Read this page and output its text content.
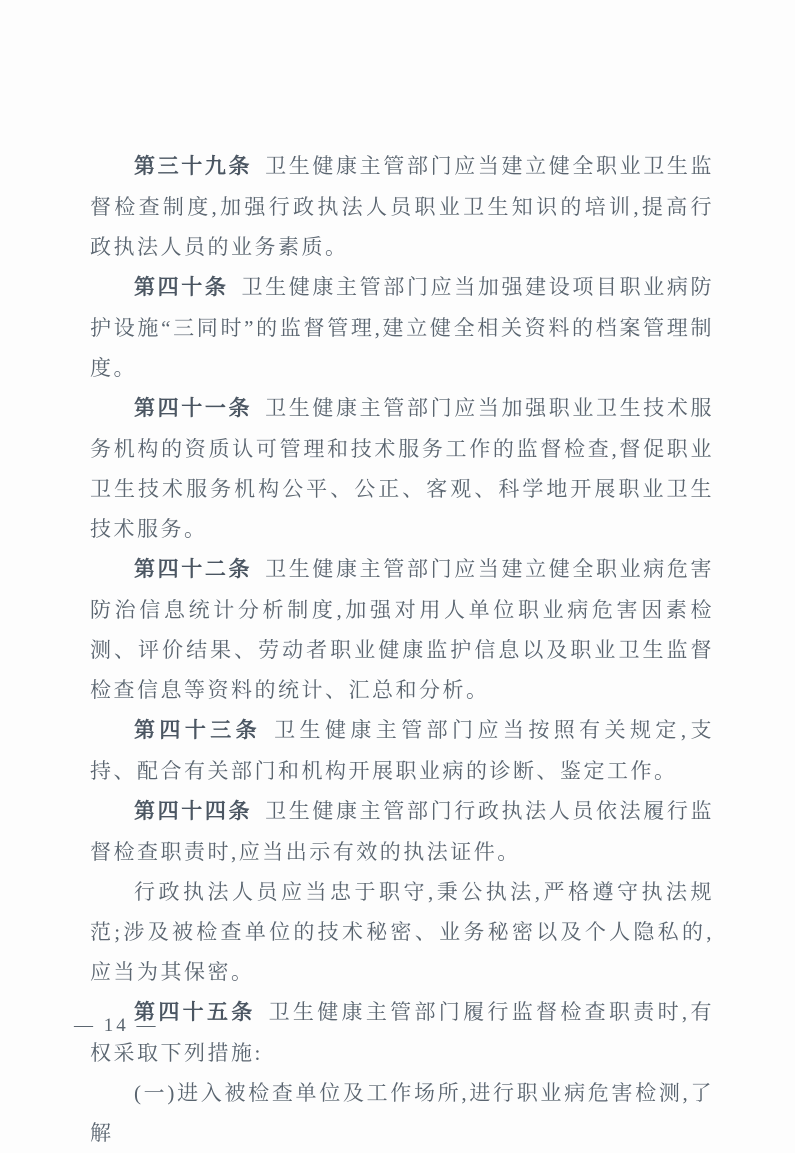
第三十九条 卫生健康主管部门应当建立健全职业卫生监督检查制度,加强行政执法人员职业卫生知识的培训,提高行政执法人员的业务素质。

第四十条 卫生健康主管部门应当加强建设项目职业病防护设施“三同时”的监督管理,建立健全相关资料的档案管理制度。

第四十一条 卫生健康主管部门应当加强职业卫生技术服务机构的资质认可管理和技术服务工作的监督检查,督促职业卫生技术服务机构公平、公正、客观、科学地开展职业卫生技术服务。

第四十二条 卫生健康主管部门应当建立健全职业病危害防治信息统计分析制度,加强对用人单位职业病危害因素检测、评价结果、劳动者职业健康监护信息以及职业卫生监督检查信息等资料的统计、汇总和分析。

第四十三条 卫生健康主管部门应当按照有关规定,支持、配合有关部门和机构开展职业病的诊断、鉴定工作。

第四十四条 卫生健康主管部门行政执法人员依法履行监督检查职责时,应当出示有效的执法证件。

行政执法人员应当忠于职守,秉公执法,严格遵守执法规范;涉及被检查单位的技术秘密、业务秘密以及个人隐私的,应当为其保密。

第四十五条 卫生健康主管部门履行监督检查职责时,有权采取下列措施:

(一)进入被检查单位及工作场所,进行职业病危害检测,了解

— 14 —
